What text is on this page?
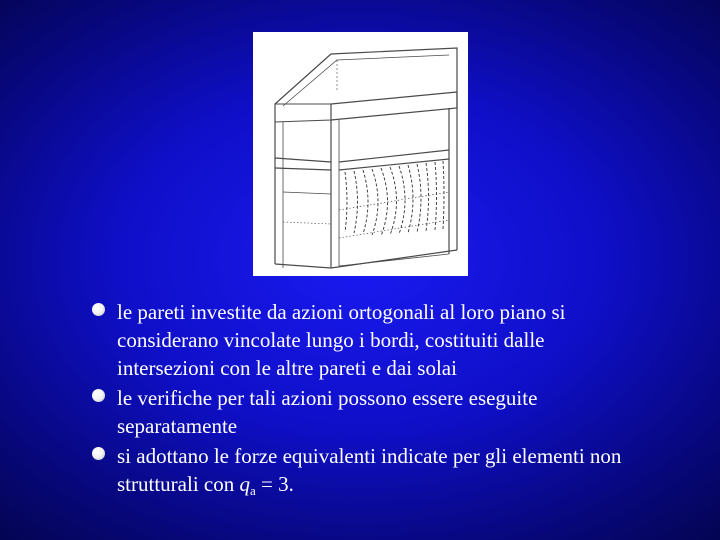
le pareti investite da azioni ortogonali al loro piano si considerano vincolate lungo i bordi, costituiti dalle intersezioni con le altre pareti e dai solai
le verifiche per tali azioni possono essere eseguite separatamente
si adottano le forze equivalenti indicate per gli elementi non strutturali con qa = 3.
